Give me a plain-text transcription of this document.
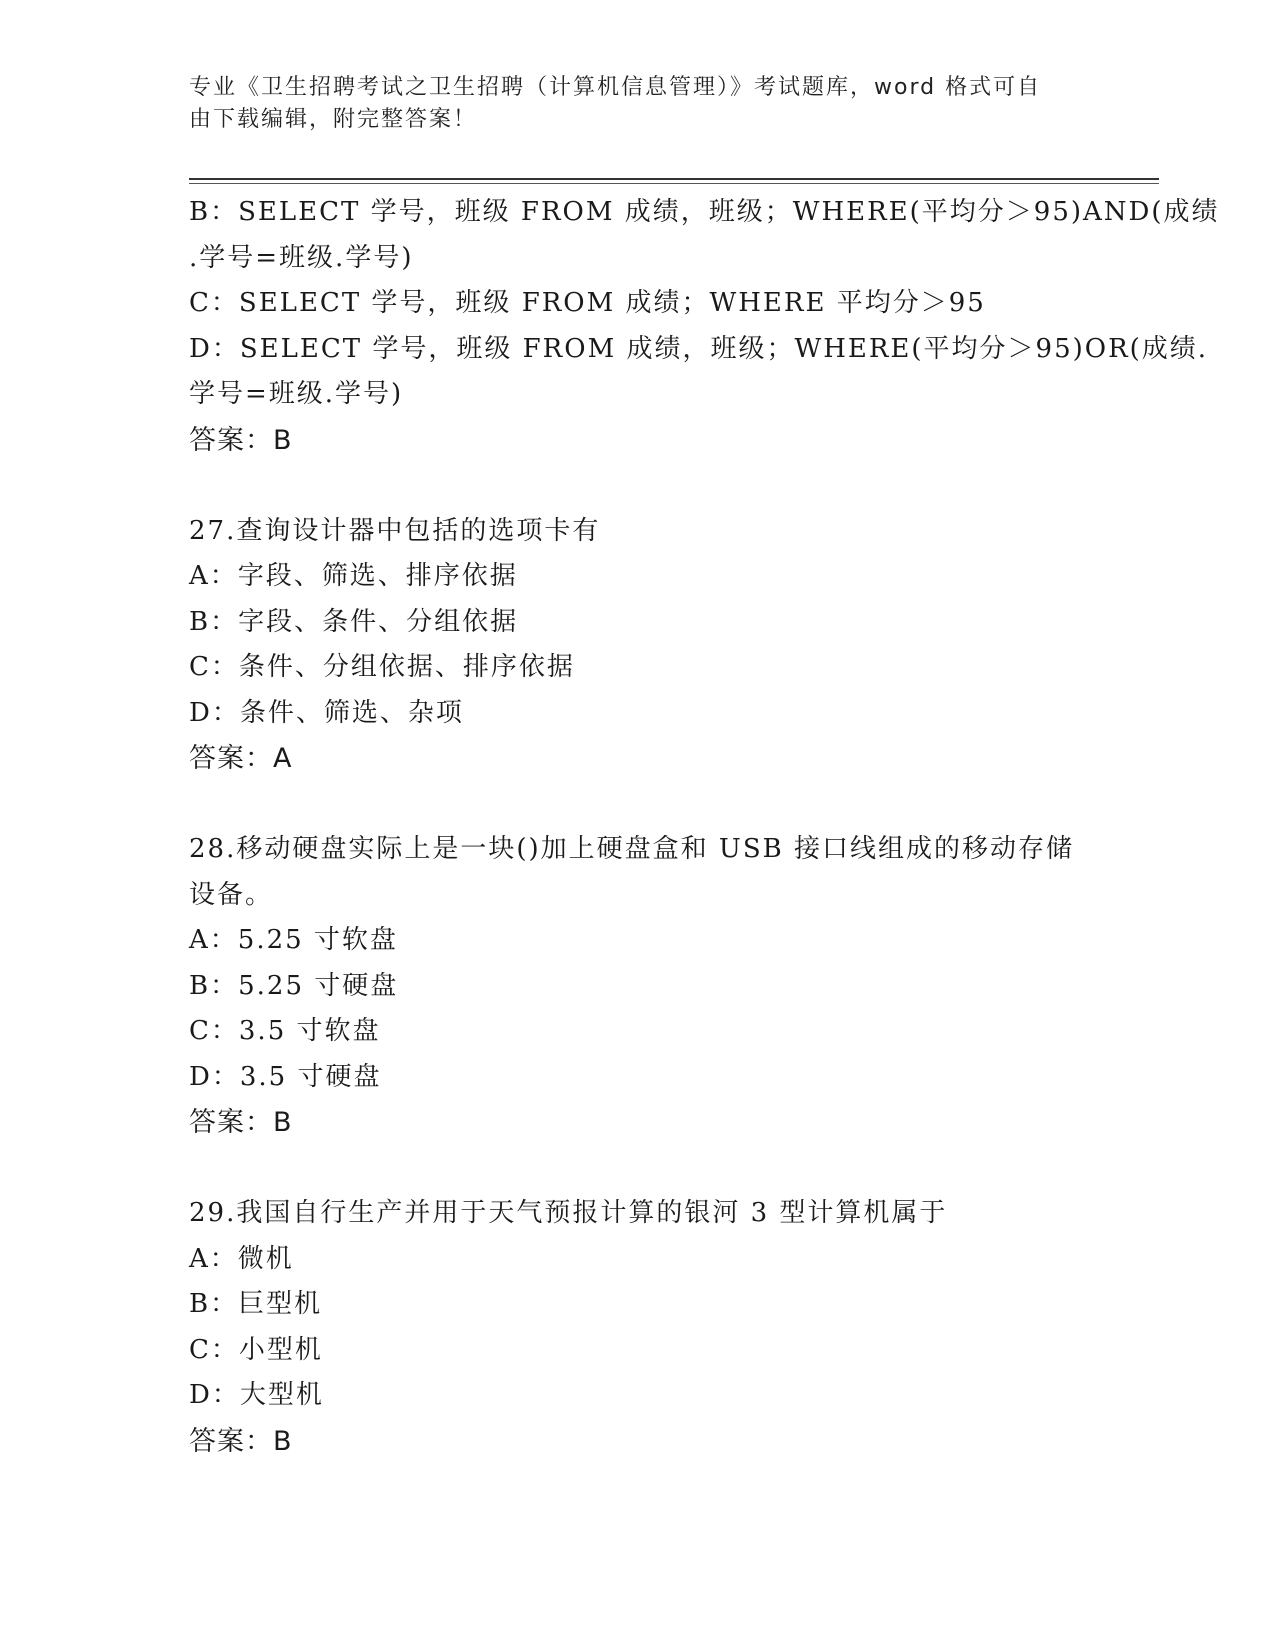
专业《卫生招聘考试之卫生招聘（计算机信息管理）》考试题库，word 格式可自
由下载编辑，附完整答案！
B：SELECT 学号，班级 FROM 成绩，班级；WHERE(平均分＞95)AND(成绩
.学号=班级.学号)
C：SELECT 学号，班级 FROM 成绩；WHERE 平均分＞95
D：SELECT 学号，班级 FROM 成绩，班级；WHERE(平均分＞95)OR(成绩.
学号=班级.学号)
答案：B
27.查询设计器中包括的选项卡有
A：字段、筛选、排序依据
B：字段、条件、分组依据
C：条件、分组依据、排序依据
D：条件、筛选、杂项
答案：A
28.移动硬盘实际上是一块()加上硬盘盒和 USB 接口线组成的移动存储
设备。
A：5.25 寸软盘
B：5.25 寸硬盘
C：3.5 寸软盘
D：3.5 寸硬盘
答案：B
29.我国自行生产并用于天气预报计算的银河 3 型计算机属于
A：微机
B：巨型机
C：小型机
D：大型机
答案：B
